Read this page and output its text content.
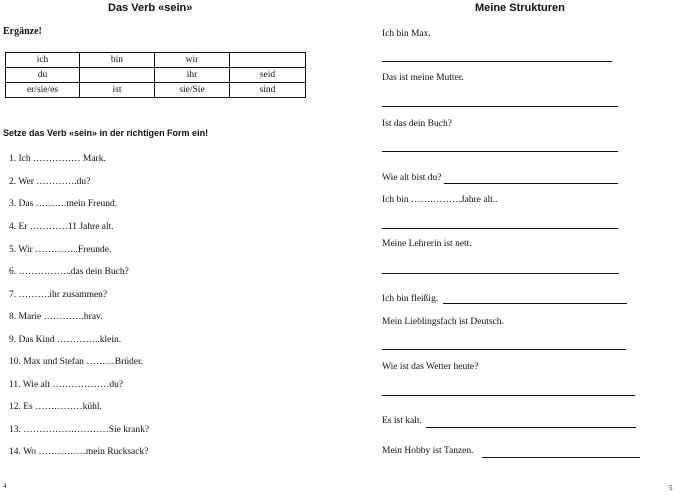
Das Verb «sein»
Ergänze!
ich	bin	wir	
du		ihr	seid
er/sie/es	ist	sie/Sie	sind
Setze das Verb «sein» in der richtigen Form ein!
1. Ich …………… Mark.
2. Wer ………….du?
3. Das ……….mein Freund.
4. Er …………11 Jahre alt.
5. Wir …………..Freunde.
6. ……………..das dein Buch?
7. ……….ihr zusammen?
8. Marie ………….brav.
9. Das Kind …………..klein.
10. Max und Stefan ………Brüder.
11. Wie alt ………………du?
12. Es ……………kühl.
13. ………………………Sie krank?
14. Wo ……………mein Rucksack?
4
Meine Strukturen
Ich bin Max.
Das ist meine Mutter.
Ist das dein Buch?
Wie alt bist du?
Ich bin …………….Jahre alt..
Meine Lehrerin ist nett.
Ich bin fleißig.
Mein Lieblingsfach ist Deutsch.
Wie ist das Wetter heute?
Es ist kalt.
Mein Hobby ist Tanzen.
5
